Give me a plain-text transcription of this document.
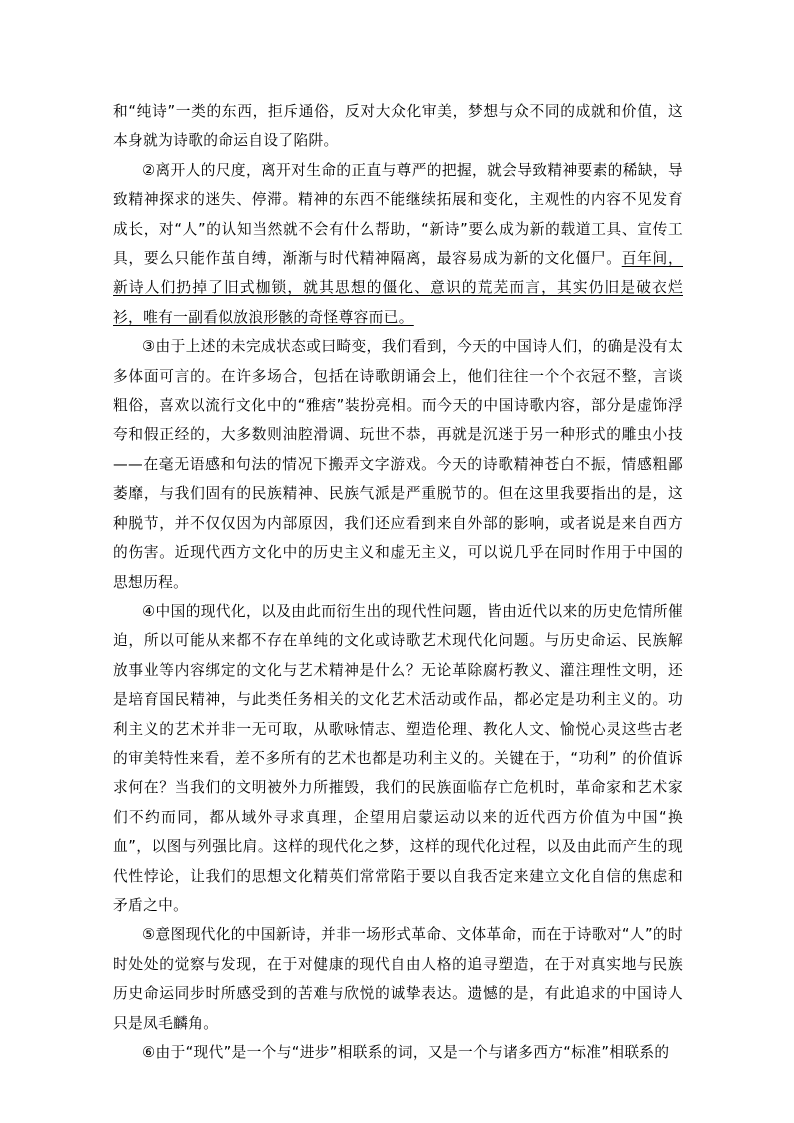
和“纯诗”一类的东西，拒斥通俗，反对大众化审美，梦想与众不同的成就和价值，这本身就为诗歌的命运自设了陷阱。

②离开人的尺度，离开对生命的正直与尊严的把握，就会导致精神要素的稀缺，导致精神探求的迷失、停滞。精神的东西不能继续拓展和变化，主观性的内容不见发育成长，对“人”的认知当然就不会有什么帮助，“新诗”要么成为新的载道工具、宣传工具，要么只能作茧自缚，渐渐与时代精神隔离，最容易成为新的文化僵尸。百年间，新诗人们扔掉了旧式枷锁，就其思想的僵化、意识的荒芜而言，其实仍旧是破衣烂衫，唯有一副看似放浪形骸的奇怪尊容而已。

③由于上述的未完成状态或曰畸变，我们看到，今天的中国诗人们，的确是没有太多体面可言的。在许多场合，包括在诗歌朗诵会上，他们往往一个个衣冠不整，言谈粗俗，喜欢以流行文化中的“雅痞”装扮亮相。而今天的中国诗歌内容，部分是虚饰浮夸和假正经的，大多数则油腔滑调、玩世不恭，再就是沉迷于另一种形式的雕虫小技——在毫无语感和句法的情况下搬弄文字游戏。今天的诗歌精神苍白不振，情感粗鄙萎靡，与我们固有的民族精神、民族气派是严重脱节的。但在这里我要指出的是，这种脱节，并不仅仅因为内部原因，我们还应看到来自外部的影响，或者说是来自西方的伤害。近现代西方文化中的历史主义和虚无主义，可以说几乎在同时作用于中国的思想历程。

④中国的现代化，以及由此而衍生出的现代性问题，皆由近代以来的历史危情所催迫，所以可能从来都不存在单纯的文化或诗歌艺术现代化问题。与历史命运、民族解放事业等内容绑定的文化与艺术精神是什么？无论革除腐朽教义、灌注理性文明，还是培育国民精神，与此类任务相关的文化艺术活动或作品，都必定是功利主义的。功利主义的艺术并非一无可取，从歌咏情志、塑造伦理、教化人文、愉悦心灵这些古老的审美特性来看，差不多所有的艺术也都是功利主义的。关键在于，“功利” 的价值诉求何在？当我们的文明被外力所摧毁，我们的民族面临存亡危机时，革命家和艺术家们不约而同，都从域外寻求真理，企望用启蒙运动以来的近代西方价值为中国“换血”，以图与列强比肩。这样的现代化之梦，这样的现代化过程，以及由此而产生的现代性悖论，让我们的思想文化精英们常常陷于要以自我否定来建立文化自信的焦虑和矛盾之中。

⑤意图现代化的中国新诗，并非一场形式革命、文体革命，而在于诗歌对“人”的时时处处的觉察与发现，在于对健康的现代自由人格的追寻塑造，在于对真实地与民族历史命运同步时所感受到的苦难与欣悦的诚挚表达。遗憾的是，有此追求的中国诗人只是凤毛麟角。

⑥由于“现代”是一个与“进步”相联系的词，又是一个与诸多西方“标准”相联系的
